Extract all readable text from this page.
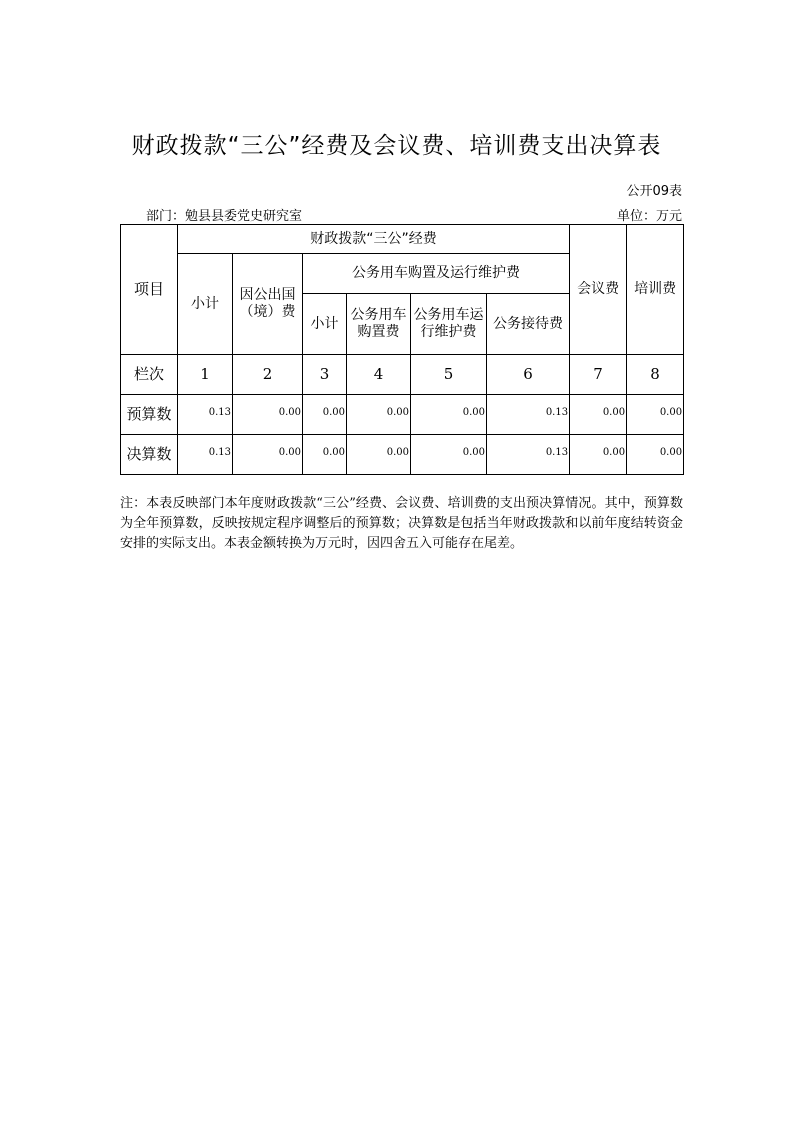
财政拨款“三公”经费及会议费、培训费支出决算表
公开09表
部门：勉县县委党史研究室	单位：万元
项目	财政拨款“三公”经费						会议费	培训费
	小计	因公出国（境）费	公务用车购置及运行维护费					
			小计	公务用车购置费	公务用车运行维护费	公务接待费		
栏次	1	2	3	4	5	6	7	8
预算数	0.13	0.00	0.00	0.00	0.00	0.13	0.00	0.00
决算数	0.13	0.00	0.00	0.00	0.00	0.13	0.00	0.00
注：本表反映部门本年度财政拨款“三公”经费、会议费、培训费的支出预决算情况。其中，预算数为全年预算数，反映按规定程序调整后的预算数；决算数是包括当年财政拨款和以前年度结转资金安排的实际支出。本表金额转换为万元时，因四舍五入可能存在尾差。
